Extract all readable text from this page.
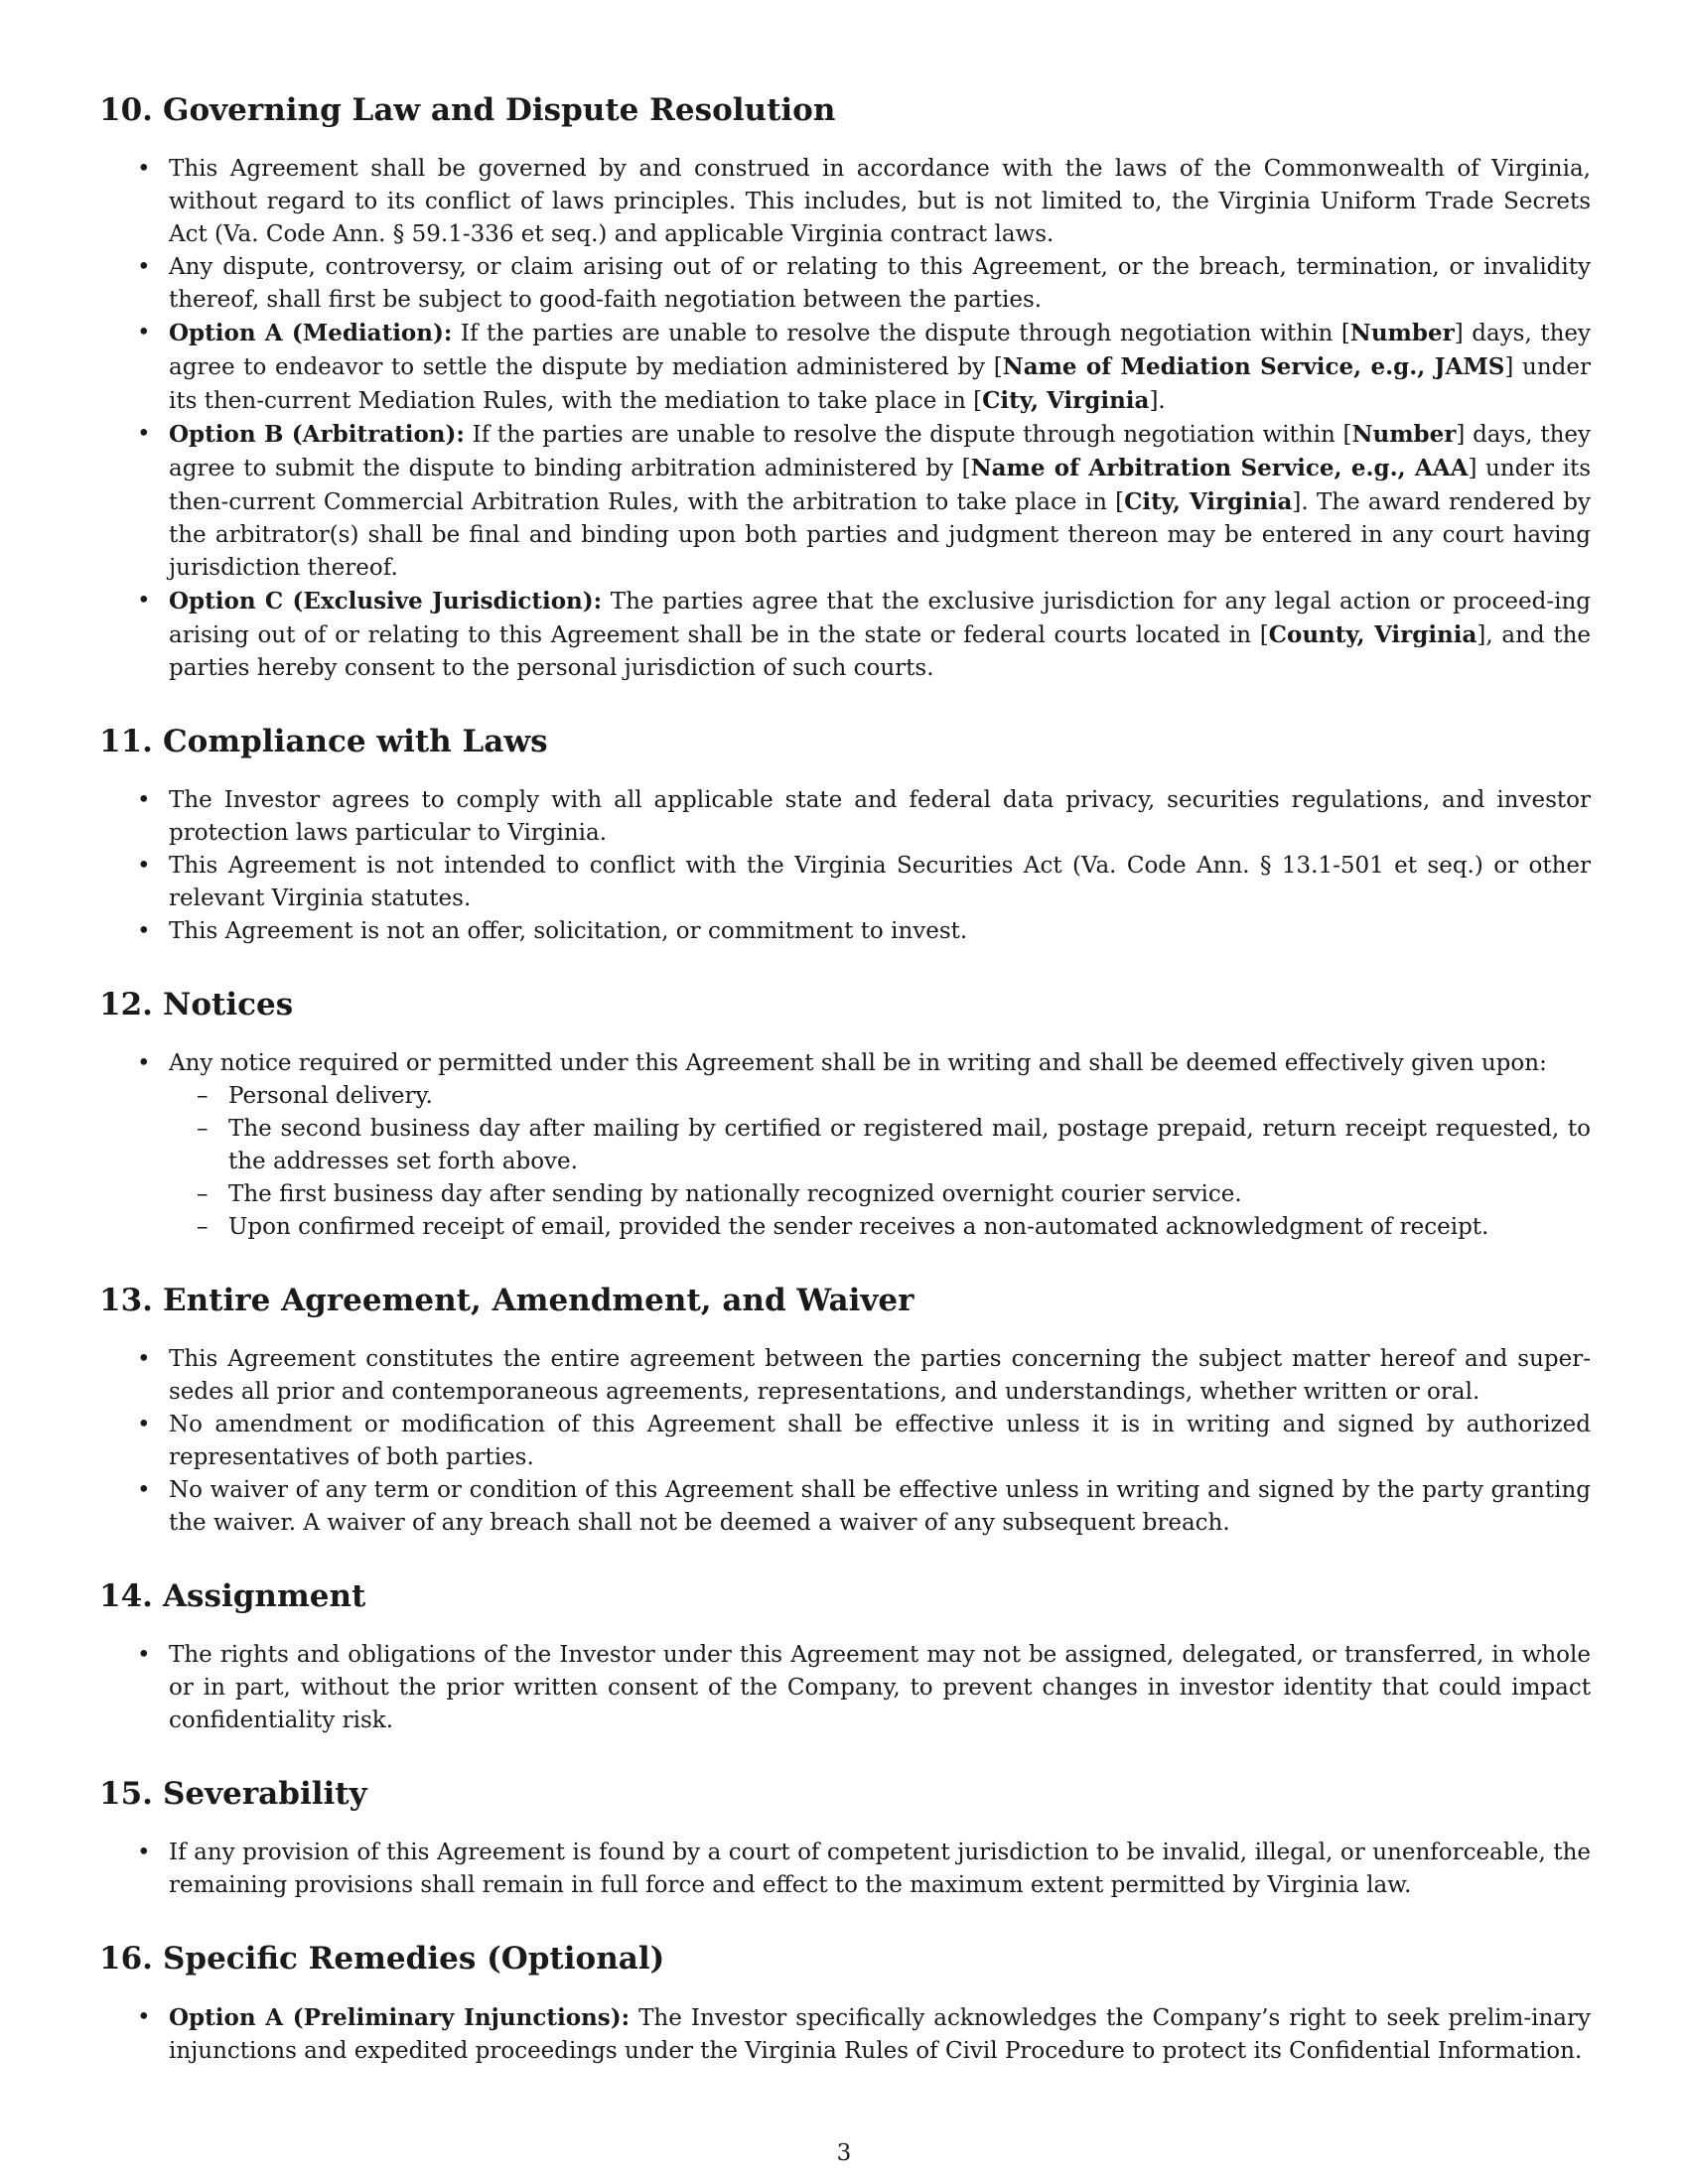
10. Governing Law and Dispute Resolution
• This Agreement shall be governed by and construed in accordance with the laws of the Commonwealth of Virginia, without regard to its conflict of laws principles. This includes, but is not limited to, the Virginia Uniform Trade Secrets Act (Va. Code Ann. § 59.1-336 et seq.) and applicable Virginia contract laws.
• Any dispute, controversy, or claim arising out of or relating to this Agreement, or the breach, termination, or invalidity thereof, shall first be subject to good-faith negotiation between the parties.
• Option A (Mediation): If the parties are unable to resolve the dispute through negotiation within [Number] days, they agree to endeavor to settle the dispute by mediation administered by [Name of Mediation Service, e.g., JAMS] under its then-current Mediation Rules, with the mediation to take place in [City, Virginia].
• Option B (Arbitration): If the parties are unable to resolve the dispute through negotiation within [Number] days, they agree to submit the dispute to binding arbitration administered by [Name of Arbitration Service, e.g., AAA] under its then-current Commercial Arbitration Rules, with the arbitration to take place in [City, Virginia]. The award rendered by the arbitrator(s) shall be final and binding upon both parties and judgment thereon may be entered in any court having jurisdiction thereof.
• Option C (Exclusive Jurisdiction): The parties agree that the exclusive jurisdiction for any legal action or proceed-ing arising out of or relating to this Agreement shall be in the state or federal courts located in [County, Virginia], and the parties hereby consent to the personal jurisdiction of such courts.
11. Compliance with Laws
• The Investor agrees to comply with all applicable state and federal data privacy, securities regulations, and investor protection laws particular to Virginia.
• This Agreement is not intended to conflict with the Virginia Securities Act (Va. Code Ann. § 13.1-501 et seq.) or other relevant Virginia statutes.
• This Agreement is not an offer, solicitation, or commitment to invest.
12. Notices
• Any notice required or permitted under this Agreement shall be in writing and shall be deemed effectively given upon:
– Personal delivery.
– The second business day after mailing by certified or registered mail, postage prepaid, return receipt requested, to the addresses set forth above.
– The first business day after sending by nationally recognized overnight courier service.
– Upon confirmed receipt of email, provided the sender receives a non-automated acknowledgment of receipt.
13. Entire Agreement, Amendment, and Waiver
• This Agreement constitutes the entire agreement between the parties concerning the subject matter hereof and super-sedes all prior and contemporaneous agreements, representations, and understandings, whether written or oral.
• No amendment or modification of this Agreement shall be effective unless it is in writing and signed by authorized representatives of both parties.
• No waiver of any term or condition of this Agreement shall be effective unless in writing and signed by the party granting the waiver. A waiver of any breach shall not be deemed a waiver of any subsequent breach.
14. Assignment
• The rights and obligations of the Investor under this Agreement may not be assigned, delegated, or transferred, in whole or in part, without the prior written consent of the Company, to prevent changes in investor identity that could impact confidentiality risk.
15. Severability
• If any provision of this Agreement is found by a court of competent jurisdiction to be invalid, illegal, or unenforceable, the remaining provisions shall remain in full force and effect to the maximum extent permitted by Virginia law.
16. Specific Remedies (Optional)
• Option A (Preliminary Injunctions): The Investor specifically acknowledges the Company’s right to seek prelim-inary injunctions and expedited proceedings under the Virginia Rules of Civil Procedure to protect its Confidential Information.
3
